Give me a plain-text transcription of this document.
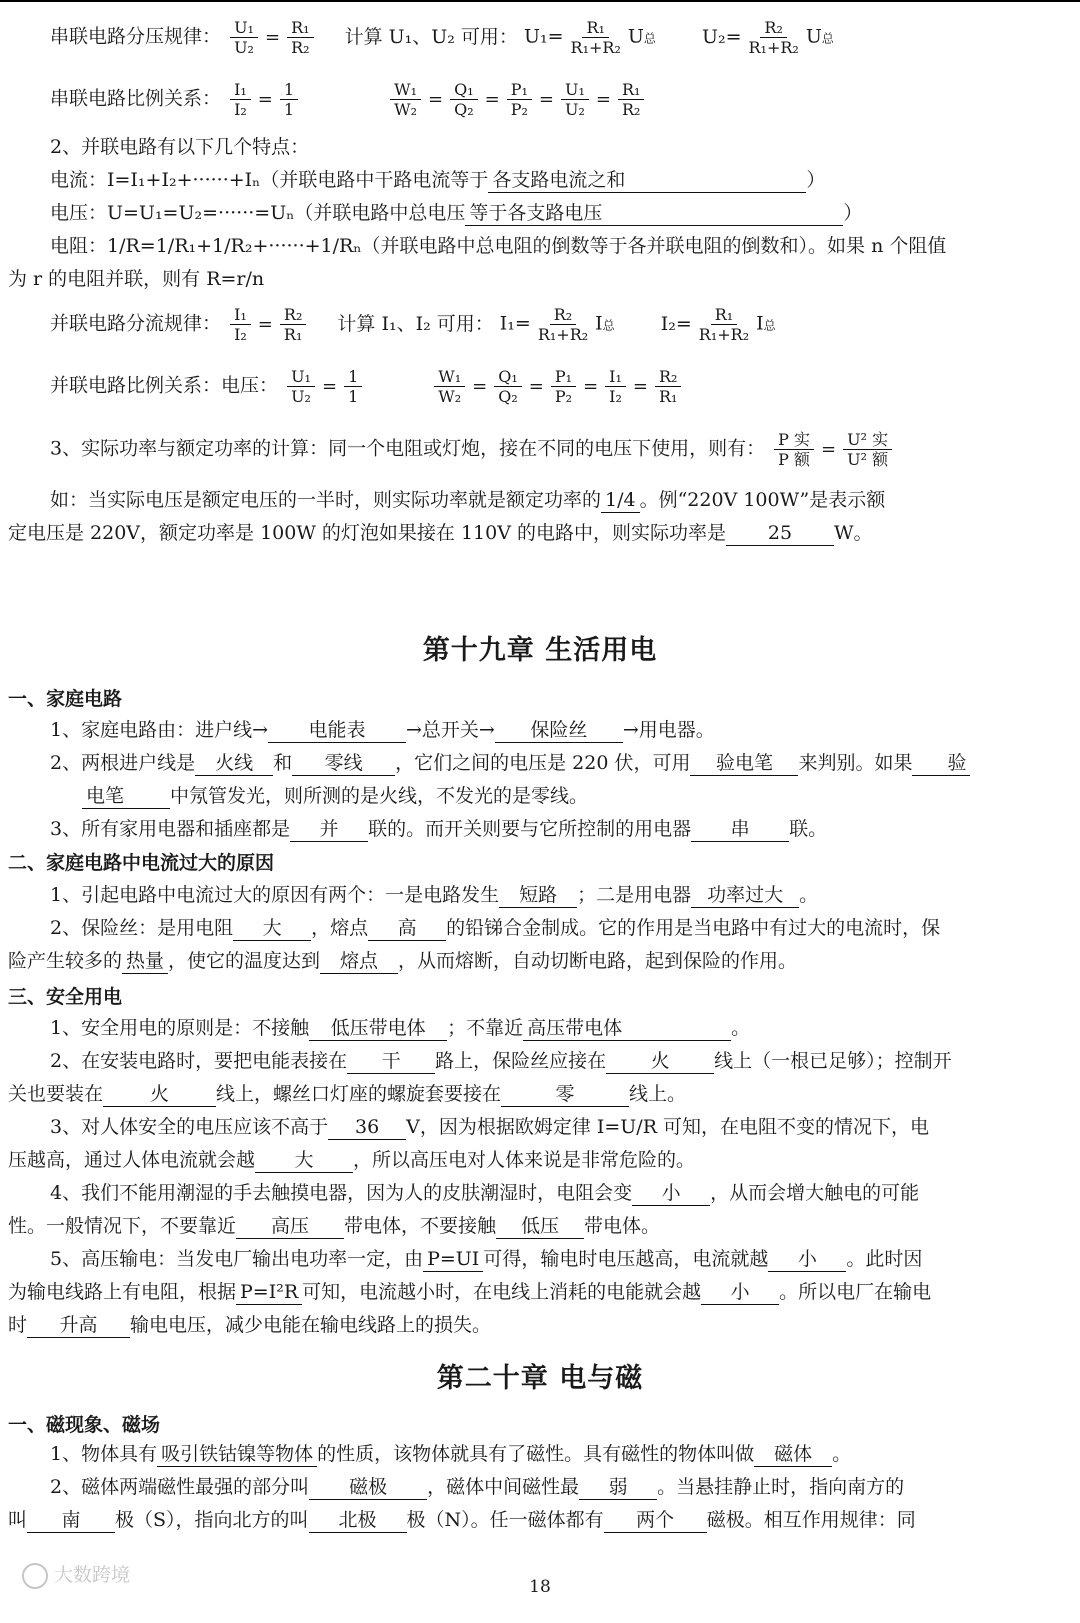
串联电路分压规律： $\frac{\text{U₁}}{\text{U₂}} = \frac{\text{R₁}}{\text{R₂}}$ 计算 U₁、U₂ 可用： $U_1= \frac{\text{R₁}}{\text{R₁+R₂}}$ U总 $U_2= \frac{\text{R₂}}{\text{R₁+R₂}}$ U总
串联电路比例关系： $\frac{\text{I₁}}{\text{I₂}} = \frac{1}{1}$
	$\frac{\text{W₁}}{\text{W₂}} = \frac{\text{Q₁}}{\text{Q₂}} = \frac{\text{P₁}}{\text{P₂}} = \frac{\text{U₁}}{\text{U₂}} = \frac{\text{R₁}}{\text{R₂}}$
2、并联电路有以下几个特点：
电流：I=I₁+I₂+······+Iₙ（并联电路中干路电流等于 各支路电流之和	）
电压：U=U₁=U₂=······=Uₙ（并联电路中总电压 等于各支路电压	）
电阻：1/R=1/R₁+1/R₂+······+1/Rₙ（并联电路中总电阻的倒数等于各并联电阻的倒数和）。如果 n 个阻值
为 r 的电阻并联，则有 R=r/n
并联电路分流规律： $\frac{\text{I₁}}{\text{I₂}} = \frac{\text{R₂}}{\text{R₁}}$ 计算 I₁、I₂ 可用： $I_1= \frac{\text{R₂}}{\text{R₁+R₂}}$ I总 $I_2= \frac{\text{R₁}}{\text{R₁+R₂}}$ I总
并联电路比例关系：电压： $\frac{\text{U₁}}{\text{U₂}} = \frac{1}{1}$
	$\frac{\text{W₁}}{\text{W₂}} = \frac{\text{Q₁}}{\text{Q₂}} = \frac{\text{P₁}}{\text{P₂}} = \frac{\text{I₁}}{\text{I₂}} = \frac{\text{R₂}}{\text{R₁}}$
3、实际功率与额定功率的计算：同一个电阻或灯炮，接在不同的电压下使用，则有： $\frac{\text{P 实}}{\text{P 额}} = \frac{\text{U² 实}}{\text{U² 额}}$
如：当实际电压是额定电压的一半时，则实际功率就是额定功率的 1/4 。例“220V 100W”是表示额
定电压是 220V，额定功率是 100W 的灯泡如果接在 110V 的电路中，则实际功率是 25 W。
第十九章 生活用电
一、家庭电路
1、家庭电路由：进户线→ 电能表 →总开关→ 保险丝 →用电器。
2、两根进户线是 火线 和 零线 ，它们之间的电压是 220 伏，可用 验电笔 来判别。如果 验
电笔 中氖管发光，则所测的是火线，不发光的是零线。
3、所有家用电器和插座都是 并 联的。而开关则要与它所控制的用电器 串 联。
二、家庭电路中电流过大的原因
1、引起电路中电流过大的原因有两个：一是电路发生 短路 ；二是用电器 功率过大 。
2、保险丝：是用电阻 大 ，熔点 高 的铅锑合金制成。它的作用是当电路中有过大的电流时，保
险产生较多的 热量 ，使它的温度达到 熔点 ，从而熔断，自动切断电路，起到保险的作用。
三、安全用电
1、安全用电的原则是：不接触 低压带电体 ；不靠近 高压带电体	。
2、在安装电路时，要把电能表接在 干 路上，保险丝应接在 火 线上（一根已足够）；控制开
关也要装在 火 线上，螺丝口灯座的螺旋套要接在	零	线上。
3、对人体安全的电压应该不高于 36 V，因为根据欧姆定律 I=U/R 可知，在电阻不变的情况下，电
压越高，通过人体电流就会越 大 ，所以高压电对人体来说是非常危险的。
4、我们不能用潮湿的手去触摸电器，因为人的皮肤潮湿时，电阻会变 小 ，从而会增大触电的可能
性。一般情况下，不要靠近 高压 带电体，不要接触 低压 带电体。
5、高压输电：当发电厂输出电功率一定，由 P=UI 可得，输电时电压越高，电流就越 小 。此时因
为输电线路上有电阻，根据 P=I²R 可知，电流越小时，在电线上消耗的电能就会越 小 。所以电厂在输电
时 升高 输电电压，减少电能在输电线路上的损失。
第二十章 电与磁
一、磁现象、磁场
1、物体具有 吸引铁钴镍等物体 的性质，该物体就具有了磁性。具有磁性的物体叫做 磁体 。
2、磁体两端磁性最强的部分叫 磁极 ，磁体中间磁性最 弱 。当悬挂静止时，指向南方的
叫 南 极（S），指向北方的叫 北极 极（N）。任一磁体都有 两个 磁极。相互作用规律：同
大数跨境
18
